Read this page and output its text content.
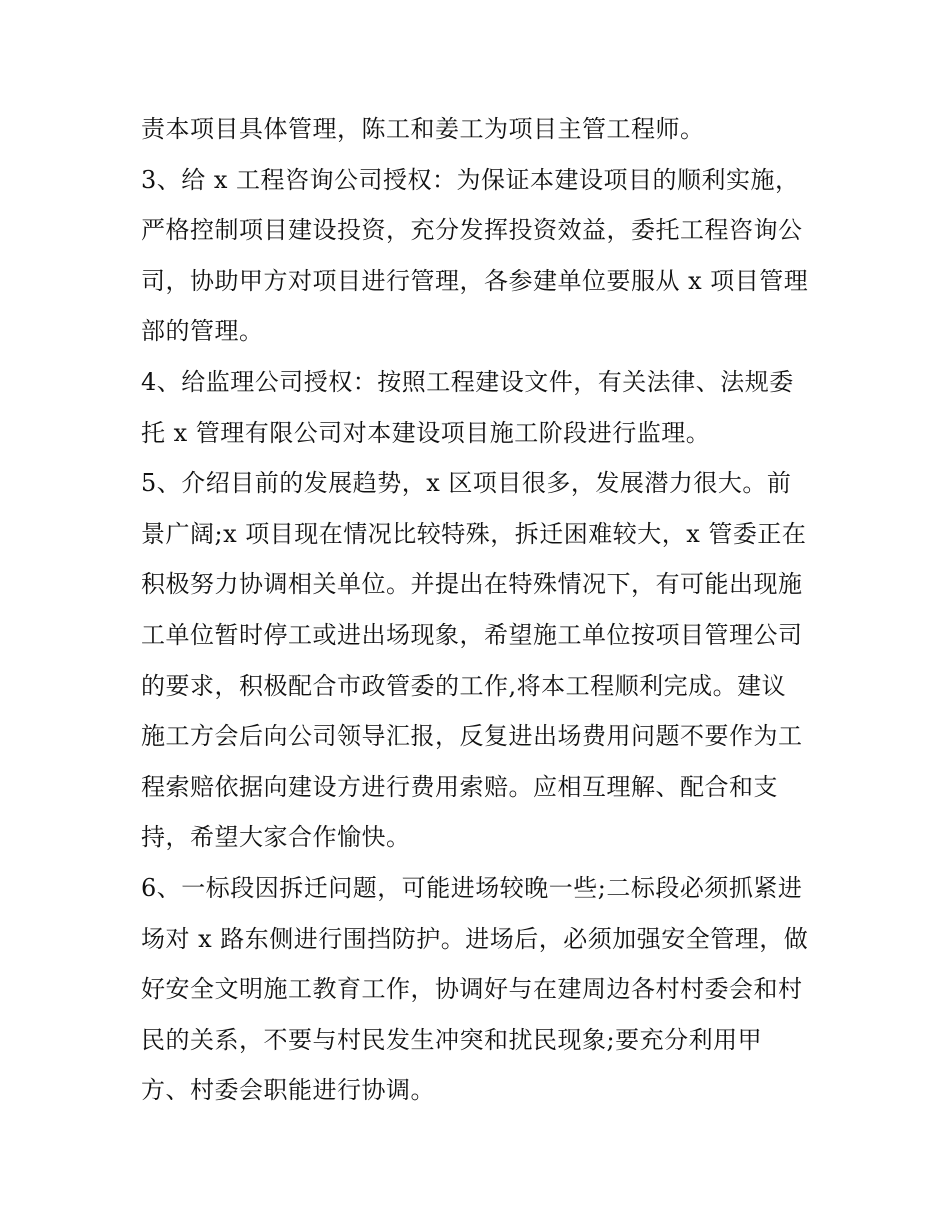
责本项目具体管理，陈工和姜工为项目主管工程师。
3、给 x 工程咨询公司授权：为保证本建设项目的顺利实施，
严格控制项目建设投资，充分发挥投资效益，委托工程咨询公
司，协助甲方对项目进行管理，各参建单位要服从 x 项目管理
部的管理。
4、给监理公司授权：按照工程建设文件，有关法律、法规委
托 x 管理有限公司对本建设项目施工阶段进行监理。
5、介绍目前的发展趋势，x 区项目很多，发展潜力很大。前
景广阔;x 项目现在情况比较特殊，拆迁困难较大，x 管委正在
积极努力协调相关单位。并提出在特殊情况下，有可能出现施
工单位暂时停工或进出场现象，希望施工单位按项目管理公司
的要求，积极配合市政管委的工作,将本工程顺利完成。建议
施工方会后向公司领导汇报，反复进出场费用问题不要作为工
程索赔依据向建设方进行费用索赔。应相互理解、配合和支
持，希望大家合作愉快。
6、一标段因拆迁问题，可能进场较晚一些;二标段必须抓紧进
场对 x 路东侧进行围挡防护。进场后，必须加强安全管理，做
好安全文明施工教育工作，协调好与在建周边各村村委会和村
民的关系，不要与村民发生冲突和扰民现象;要充分利用甲
方、村委会职能进行协调。
